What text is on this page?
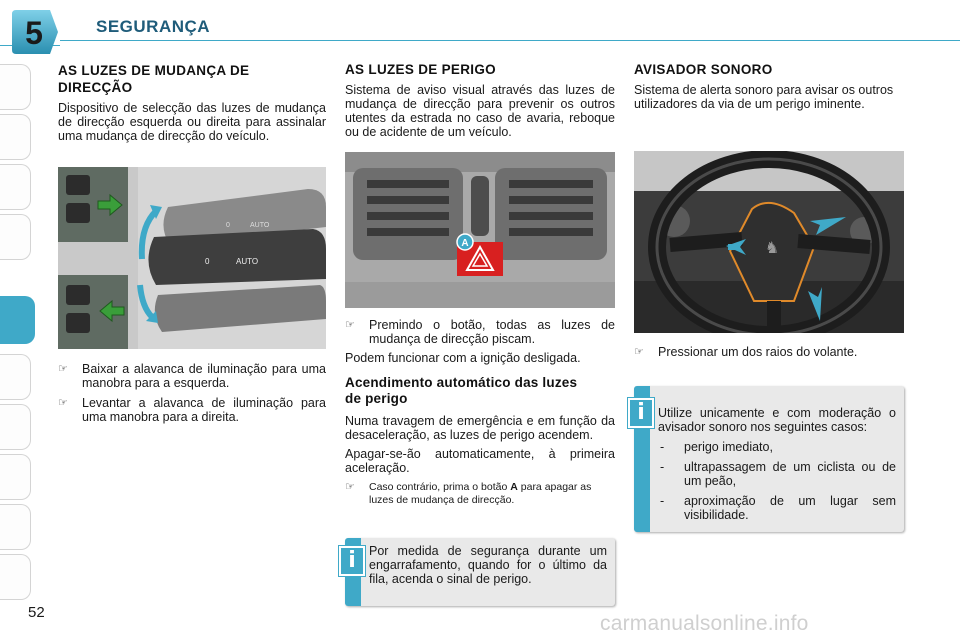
5	SEGURANÇA
AS LUZES DE MUDANÇA DE DIRECÇÃO

Dispositivo de selecção das luzes de mudança de direcção esquerda ou direita para assinalar uma mudança de direcção do veículo.

0	AUTO
0	AUTO
☞	Baixar a alavanca de iluminação para uma manobra para a esquerda.
☞	Levantar a alavanca de iluminação para uma manobra para a direita.
AS LUZES DE PERIGO

Sistema de aviso visual através das luzes de mudança de direcção para prevenir os outros utentes da estrada no caso de avaria, reboque ou de acidente de um veículo.

A
☞	Premindo o botão, todas as luzes de mudança de direcção piscam.

Podem funcionar com a ignição desligada.

Acendimento automático das luzes de perigo

Numa travagem de emergência e em função da desaceleração, as luzes de perigo acendem.

Apagar-se-ão automaticamente, à primeira aceleração.

☞	Caso contrário, prima o botão A para apagar as luzes de mudança de direcção.

Por medida de segurança durante um engarrafamento, quando for o último da fila, acenda o sinal de perigo.

i
AVISADOR SONORO

Sistema de alerta sonoro para avisar os outros utilizadores da via de um perigo iminente.

♞
☞	Pressionar um dos raios do volante.

Utilize unicamente e com moderação o avisador sonoro nos seguintes casos:

-	perigo imediato,
-	ultrapassagem de um ciclista ou de um peão,
-	aproximação de um lugar sem visibilidade.
i
52	carmanualsonline.info
